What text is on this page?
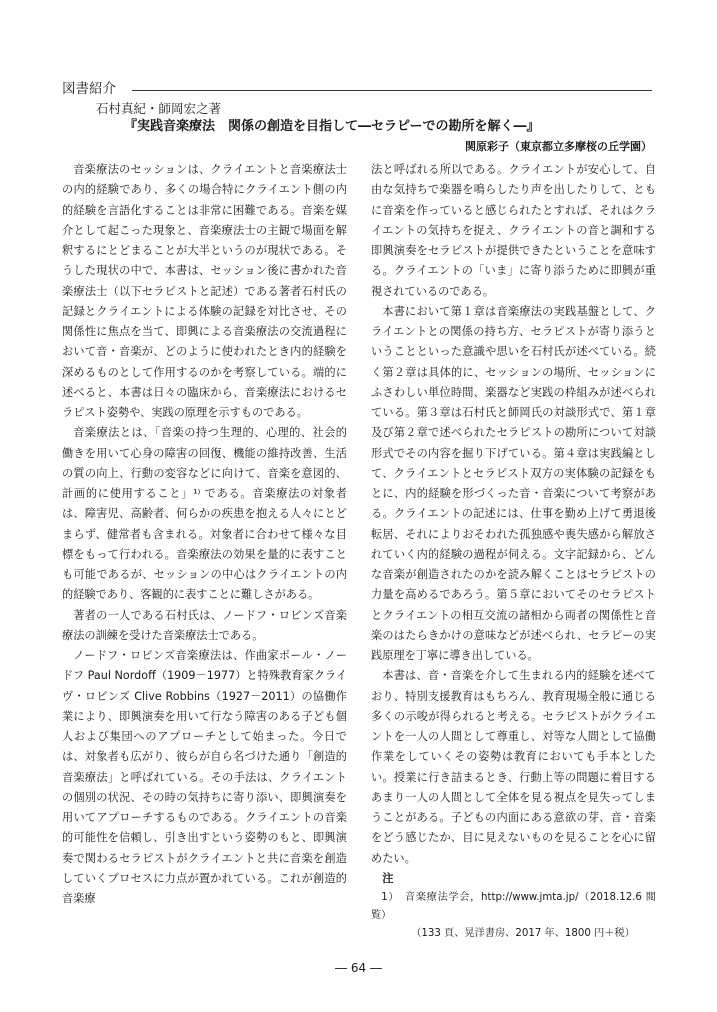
図書紹介
石村真紀・師岡宏之著
『実践音楽療法　関係の創造を目指して―セラピーでの勘所を解く―』
関原彩子（東京都立多摩桜の丘学園）

音楽療法のセッションは、クライエントと音楽療法士の内的経験であり、多くの場合特にクライエント側の内的経験を言語化することは非常に困難である。音楽を媒介として起こった現象と、音楽療法士の主観で場面を解釈するにとどまることが大半というのが現状である。そうした現状の中で、本書は、セッション後に書かれた音楽療法士（以下セラピストと記述）である著者石村氏の記録とクライエントによる体験の記録を対比させ、その関係性に焦点を当て、即興による音楽療法の交流過程において音・音楽が、どのように使われたとき内的経験を深めるものとして作用するのかを考察している。端的に述べると、本書は日々の臨床から、音楽療法におけるセラピスト姿勢や、実践の原理を示すものである。

音楽療法とは、「音楽の持つ生理的、心理的、社会的働きを用いて心身の障害の回復、機能の維持改善、生活の質の向上、行動の変容などに向けて、音楽を意図的、計画的に使用すること」¹⁾ である。音楽療法の対象者は、障害児、高齢者、何らかの疾患を抱える人々にとどまらず、健常者も含まれる。対象者に合わせて様々な目標をもって行われる。音楽療法の効果を量的に表すことも可能であるが、セッションの中心はクライエントの内的経験であり、客観的に表すことに難しさがある。

著者の一人である石村氏は、ノードフ・ロビンズ音楽療法の訓練を受けた音楽療法士である。

ノードフ・ロビンズ音楽療法は、作曲家ポール・ノードフ Paul Nordoff（1909－1977）と特殊教育家クライヴ・ロビンズ Clive Robbins（1927－2011）の協働作業により、即興演奏を用いて行なう障害のある子ども個人および集団へのアプローチとして始まった。今日では、対象者も広がり、彼らが自ら名づけた通り「創造的音楽療法」と呼ばれている。その手法は、クライエントの個別の状況、その時の気持ちに寄り添い、即興演奏を用いてアプローチするものである。クライエントの音楽的可能性を信頼し、引き出すという姿勢のもと、即興演奏で関わるセラピストがクライエントと共に音楽を創造していくプロセスに力点が置かれている。これが創造的音楽療

法と呼ばれる所以である。クライエントが安心して、自由な気持ちで楽器を鳴らしたり声を出したりして、ともに音楽を作っていると感じられたとすれば、それはクライエントの気持ちを捉え、クライエントの音と調和する即興演奏をセラピストが提供できたということを意味する。クライエントの「いま」に寄り添うために即興が重視されているのである。

本書において第１章は音楽療法の実践基盤として、クライエントとの関係の持ち方、セラピストが寄り添うということといった意識や思いを石村氏が述べている。続く第２章は具体的に、セッションの場所、セッションにふさわしい単位時間、楽器など実践の枠組みが述べられている。第３章は石村氏と師岡氏の対談形式で、第１章及び第２章で述べられたセラピストの勘所について対談形式でその内容を掘り下げている。第４章は実践編として、クライエントとセラピスト双方の実体験の記録をもとに、内的経験を形づくった音・音楽について考察がある。クライエントの記述には、仕事を勤め上げて勇退後転居、それによりおそわれた孤独感や喪失感から解放されていく内的経験の過程が伺える。文字記録から、どんな音楽が創造されたのかを読み解くことはセラピストの力量を高めるであろう。第５章においてそのセラピストとクライエントの相互交流の諸相から両者の関係性と音楽のはたらきかけの意味などが述べられ、セラピーの実践原理を丁寧に導き出している。

本書は、音・音楽を介して生まれる内的経験を述べており、特別支援教育はもちろん、教育現場全般に通じる多くの示唆が得られると考える。セラピストがクライエントを一人の人間として尊重し、対等な人間として協働作業をしていくその姿勢は教育においても手本としたい。授業に行き詰まるとき、行動上等の問題に着目するあまり一人の人間として全体を見る視点を見失ってしまうことがある。子どもの内面にある意欲の芽、音・音楽をどう感じたか、目に見えないものを見ることを心に留めたい。

注

1）　音楽療法学会，http://www.jmta.jp/（2018.12.6 閲覧）

（133 頁、晃洋書房、2017 年、1800 円＋税）

― 64 ―
